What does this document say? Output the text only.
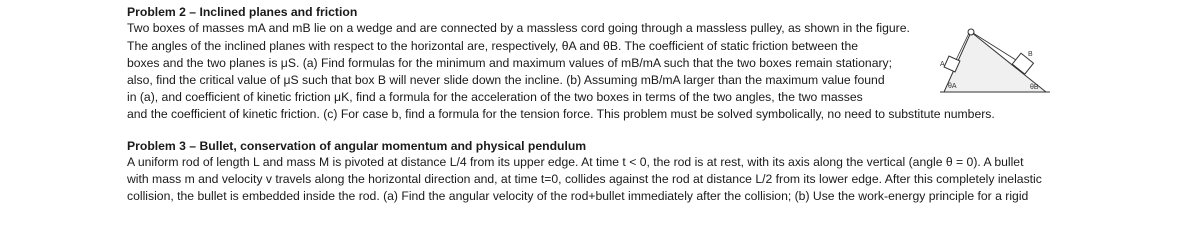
Problem 2 – Inclined planes and friction
Two boxes of masses mA and mB lie on a wedge and are connected by a massless cord going through a massless pulley, as shown in the figure.
The angles of the inclined planes with respect to the horizontal are, respectively, θA and θB. The coefficient of static friction between the
boxes and the two planes is μS. (a) Find formulas for the minimum and maximum values of mB/mA such that the two boxes remain stationary;
also, find the critical value of μS such that box B will never slide down the incline. (b) Assuming mB/mA larger than the maximum value found
in (a), and coefficient of kinetic friction μK, find a formula for the acceleration of the two boxes in terms of the two angles, the two masses
and the coefficient of kinetic friction. (c) For case b, find a formula for the tension force. This problem must be solved symbolically, no need to substitute numbers.
A
B
θA	θB
Problem 3 – Bullet, conservation of angular momentum and physical pendulum
A uniform rod of length L and mass M is pivoted at distance L/4 from its upper edge. At time t < 0, the rod is at rest, with its axis along the vertical (angle θ = 0). A bullet
with mass m and velocity v travels along the horizontal direction and, at time t=0, collides against the rod at distance L/2 from its lower edge. After this completely inelastic
collision, the bullet is embedded inside the rod. (a) Find the angular velocity of the rod+bullet immediately after the collision; (b) Use the work-energy principle for a rigid
